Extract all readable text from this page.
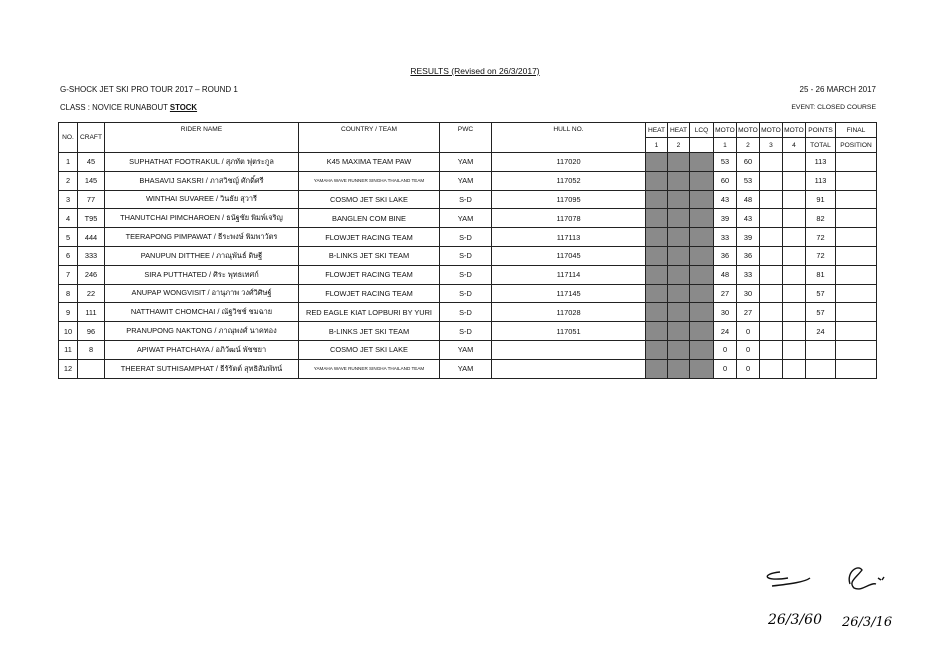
RESULTS (Revised on 26/3/2017)
G-SHOCK JET SKI PRO TOUR 2017 – ROUND 1	25 - 26 MARCH 2017
CLASS : NOVICE RUNABOUT STOCK	EVENT: CLOSED COURSE
NO.	CRAFT	RIDER NAME	COUNTRY / TEAM	PWC	HULL NO.	HEAT	HEAT	LCQ	MOTO	MOTO	MOTO	MOTO	POINTS	FINAL
						1	2		1	2	3	4	TOTAL	POSITION
1	45	SUPHATHAT FOOTRAKUL / สุภทัต ฟุตระกูล	K45 MAXIMA TEAM PAW	YAM	117020				53	60			113	
2	145	BHASAVIJ SAKSRI / ภาสวิชญ์ ศักดิ์ศรี	YAMAHA WAVE RUNNER SINGHA THAILAND TEAM	YAM	117052				60	53			113	
3	77	WINTHAI SUVAREE / วินธัย สุวารี	COSMO JET SKI LAKE	S-D	117095				43	48			91	
4	T95	THANUTCHAI PIMCHAROEN / ธนัฐชัย พิมพ์เจริญ	BANGLEN COM BINE	YAM	117078				39	43			82	
5	444	TEERAPONG PIMPAWAT / ธีระพงษ์ พิมพาวัตร	FLOWJET RACING TEAM	S-D	117113				33	39			72	
6	333	PANUPUN DITTHEE / ภาณุพันธ์ ดิษฐี	B-LINKS JET SKI TEAM	S-D	117045				36	36			72	
7	246	SIRA PUTTHATED / ศิระ พุทธเทศก์	FLOWJET RACING TEAM	S-D	117114				48	33			81	
8	22	ANUPAP WONGVISIT / อานุภาพ วงศ์วิศิษฐ์	FLOWJET RACING TEAM	S-D	117145				27	30			57	
9	111	NATTHAWIT CHOMCHAI / ณัฐวิชช์ ชมฉาย	RED EAGLE KIAT LOPBURI BY YURI	S-D	117028				30	27			57	
10	96	PRANUPONG NAKTONG / ภาณุพงศ์ นาคทอง	B-LINKS JET SKI TEAM	S-D	117051				24	0			24	
11	8	APIWAT PHATCHAYA / อภิวัฒน์ พัชชยา	COSMO JET SKI LAKE	YAM					0	0				
12		THEERAT SUTHISAMPHAT / ธีรัรัตต์ สุทธิสัมพัทน์	YAMAHA WAVE RUNNER SINGHA THAILAND TEAM	YAM					0	0				
26/3/60 26/3/16
